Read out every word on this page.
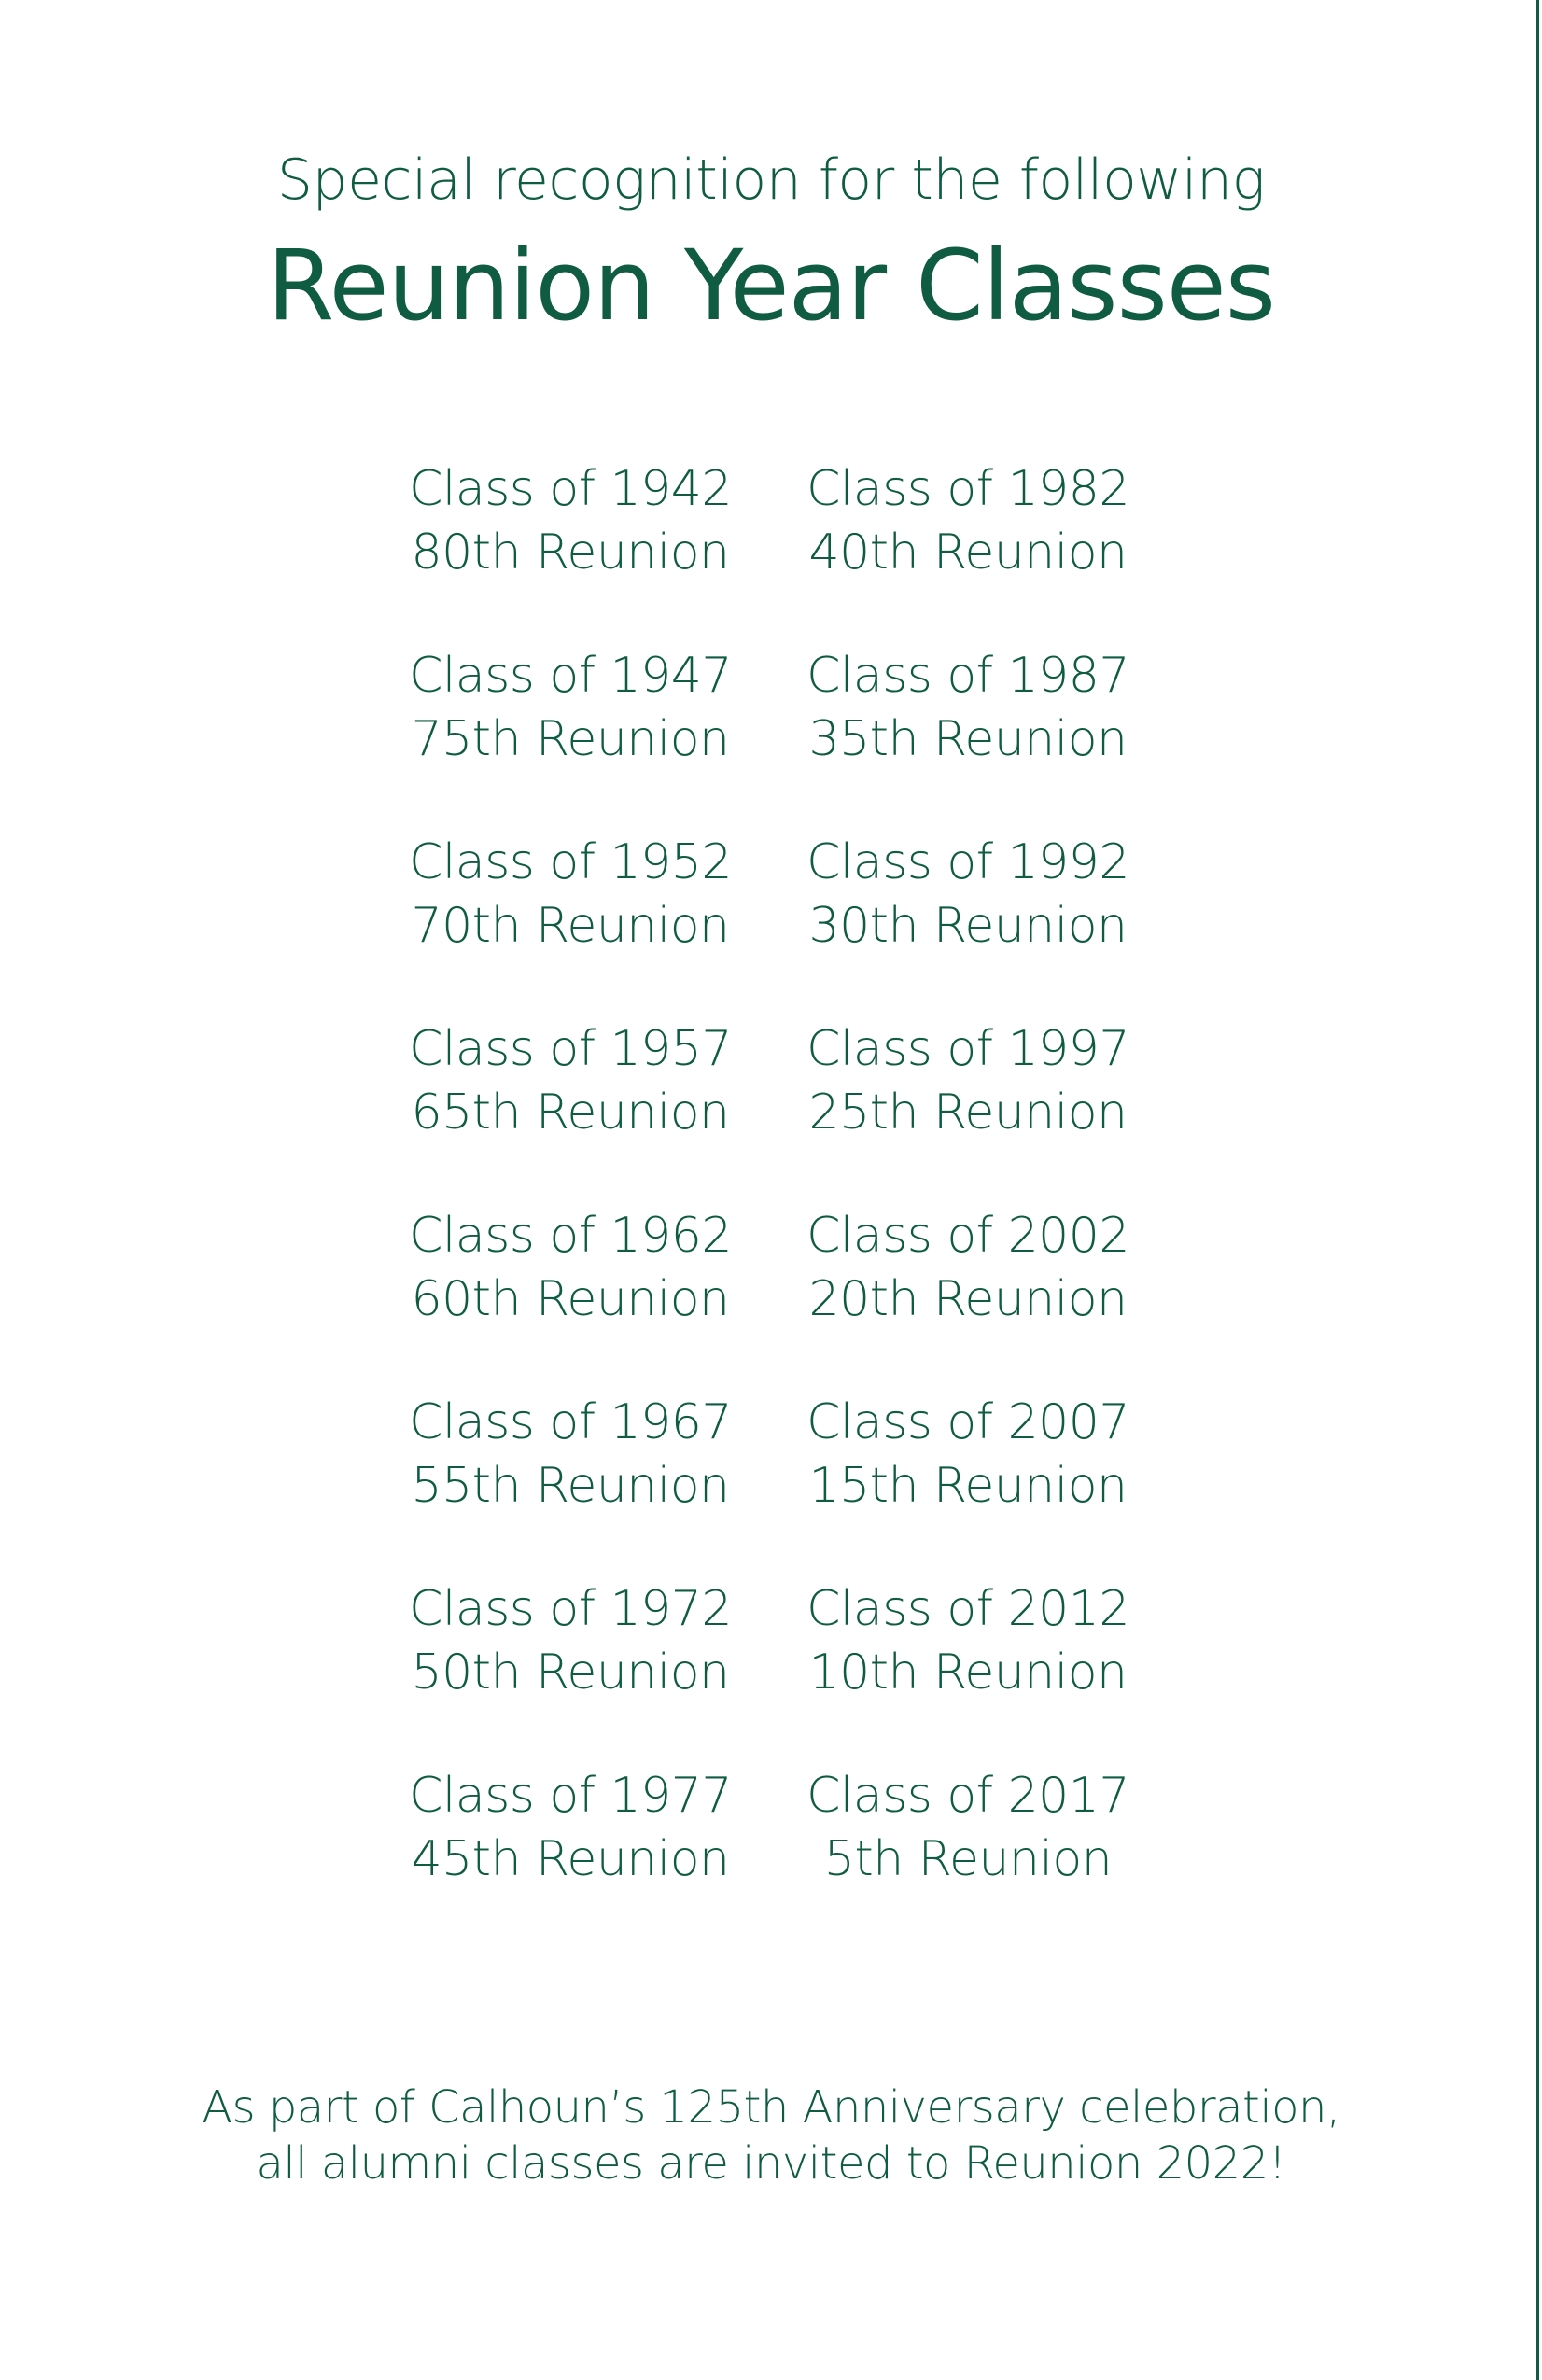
Special recognition for the following
Reunion Year Classes
Class of 1942
80th Reunion
Class of 1947
75th Reunion
Class of 1952
70th Reunion
Class of 1957
65th Reunion
Class of 1962
60th Reunion
Class of 1967
55th Reunion
Class of 1972
50th Reunion
Class of 1977
45th Reunion
Class of 1982
40th Reunion
Class of 1987
35th Reunion
Class of 1992
30th Reunion
Class of 1997
25th Reunion
Class of 2002
20th Reunion
Class of 2007
15th Reunion
Class of 2012
10th Reunion
Class of 2017
5th Reunion
As part of Calhoun’s 125th Anniversary celebration,
all alumni classes are invited to Reunion 2022!
